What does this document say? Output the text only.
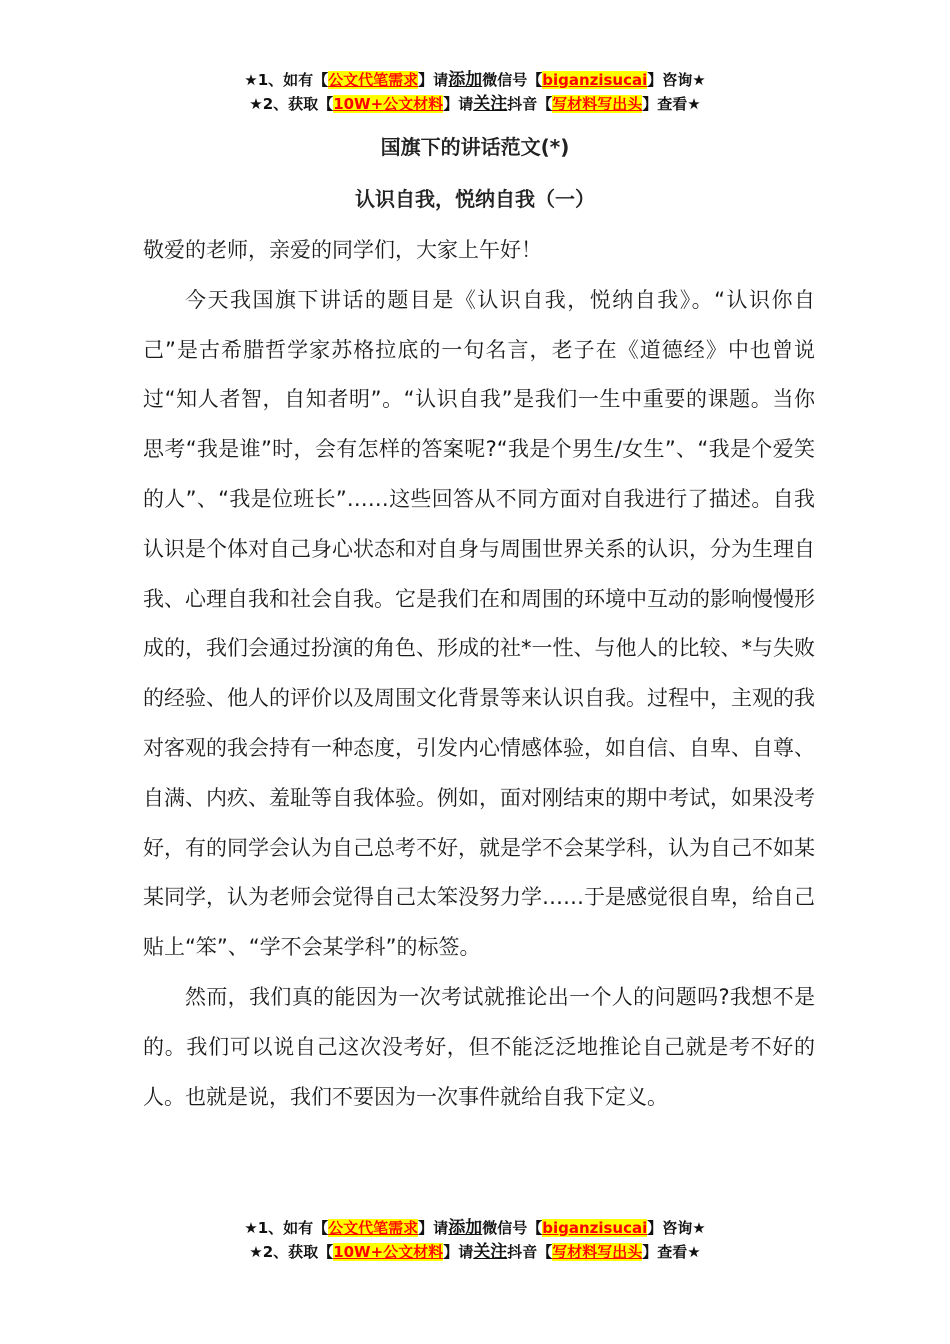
★1、如有【公文代笔需求】请添加微信号【biganzisucai】咨询★
★2、获取【10W+公文材料】请关注抖音【写材料写出头】查看★
国旗下的讲话范文(*)
认识自我，悦纳自我（一）

敬爱的老师，亲爱的同学们，大家上午好！

今天我国旗下讲话的题目是《认识自我，悦纳自我》。“认识你自己”是古希腊哲学家苏格拉底的一句名言，老子在《道德经》中也曾说过“知人者智，自知者明”。“认识自我”是我们一生中重要的课题。当你思考“我是谁”时，会有怎样的答案呢?“我是个男生/女生”、“我是个爱笑的人”、“我是位班长”……这些回答从不同方面对自我进行了描述。自我认识是个体对自己身心状态和对自身与周围世界关系的认识，分为生理自我、心理自我和社会自我。它是我们在和周围的环境中互动的影响慢慢形成的，我们会通过扮演的角色、形成的社*一性、与他人的比较、*与失败的经验、他人的评价以及周围文化背景等来认识自我。过程中，主观的我对客观的我会持有一种态度，引发内心情感体验，如自信、自卑、自尊、自满、内疚、羞耻等自我体验。例如，面对刚结束的期中考试，如果没考好，有的同学会认为自己总考不好，就是学不会某学科，认为自己不如某某同学，认为老师会觉得自己太笨没努力学……于是感觉很自卑，给自己贴上“笨”、“学不会某学科”的标签。

然而，我们真的能因为一次考试就推论出一个人的问题吗?我想不是的。我们可以说自己这次没考好，但不能泛泛地推论自己就是考不好的人。也就是说，我们不要因为一次事件就给自我下定义。

★1、如有【公文代笔需求】请添加微信号【biganzisucai】咨询★
★2、获取【10W+公文材料】请关注抖音【写材料写出头】查看★
